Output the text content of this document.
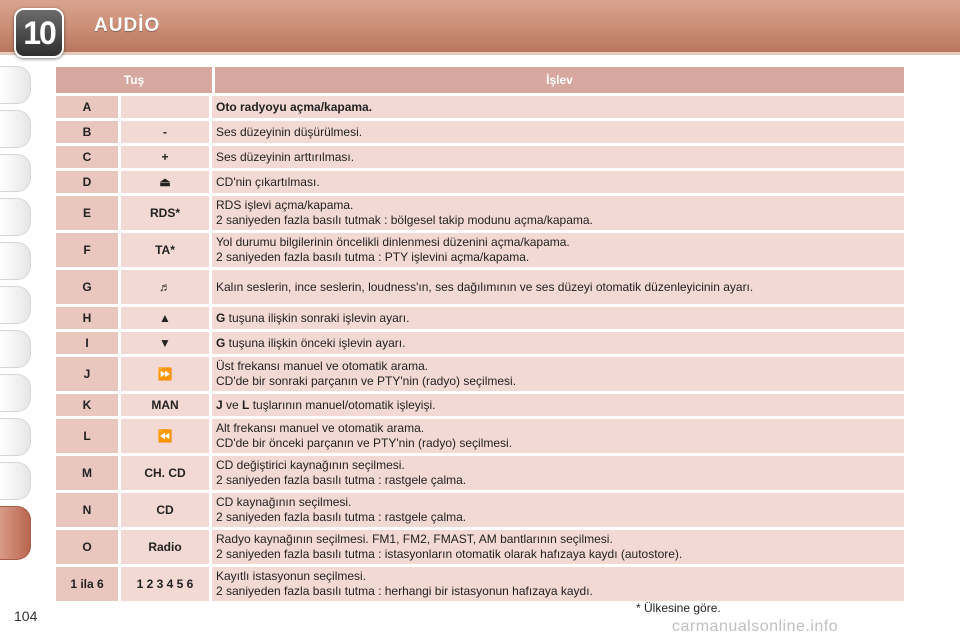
10	AUDİO
Tuş		İşlev
A		Oto radyoyu açma/kapama.

B	-	Ses düzeyinin düşürülmesi.

C	+	Ses düzeyinin arttırılması.

D	⏏	CD'nin çıkartılması.

E	RDS*	RDS işlevi açma/kapama.
2 saniyeden fazla basılı tutmak : bölgesel takip modunu açma/kapama.

F	TA*	Yol durumu bilgilerinin öncelikli dinlenmesi düzenini açma/kapama.
2 saniyeden fazla basılı tutma : PTY işlevini açma/kapama.

G	♬	Kalın seslerin, ince seslerin, loudness'ın, ses dağılımının ve ses düzeyi otomatik düzenleyicinin ayarı.

H	▲	G tuşuna ilişkin sonraki işlevin ayarı.

I	▼	G tuşuna ilişkin önceki işlevin ayarı.

J	⏩	Üst frekansı manuel ve otomatik arama.
CD'de bir sonraki parçanın ve PTY'nin (radyo) seçilmesi.

K	MAN	J ve L tuşlarının manuel/otomatik işleyişi.

L	⏪	Alt frekansı manuel ve otomatik arama.
CD'de bir önceki parçanın ve PTY'nin (radyo) seçilmesi.

M	CH. CD	CD değiştirici kaynağının seçilmesi.
2 saniyeden fazla basılı tutma : rastgele çalma.

N	CD	CD kaynağının seçilmesi.
2 saniyeden fazla basılı tutma : rastgele çalma.

O	Radio	Radyo kaynağının seçilmesi. FM1, FM2, FMAST, AM bantlarının seçilmesi.
2 saniyeden fazla basılı tutma : istasyonların otomatik olarak hafızaya kaydı (autostore).

1 ila 6	1 2 3 4 5 6	Kayıtlı istasyonun seçilmesi.
2 saniyeden fazla basılı tutma : herhangi bir istasyonun hafızaya kaydı.
104	* Ülkesine göre.
carmanualsonline.info
